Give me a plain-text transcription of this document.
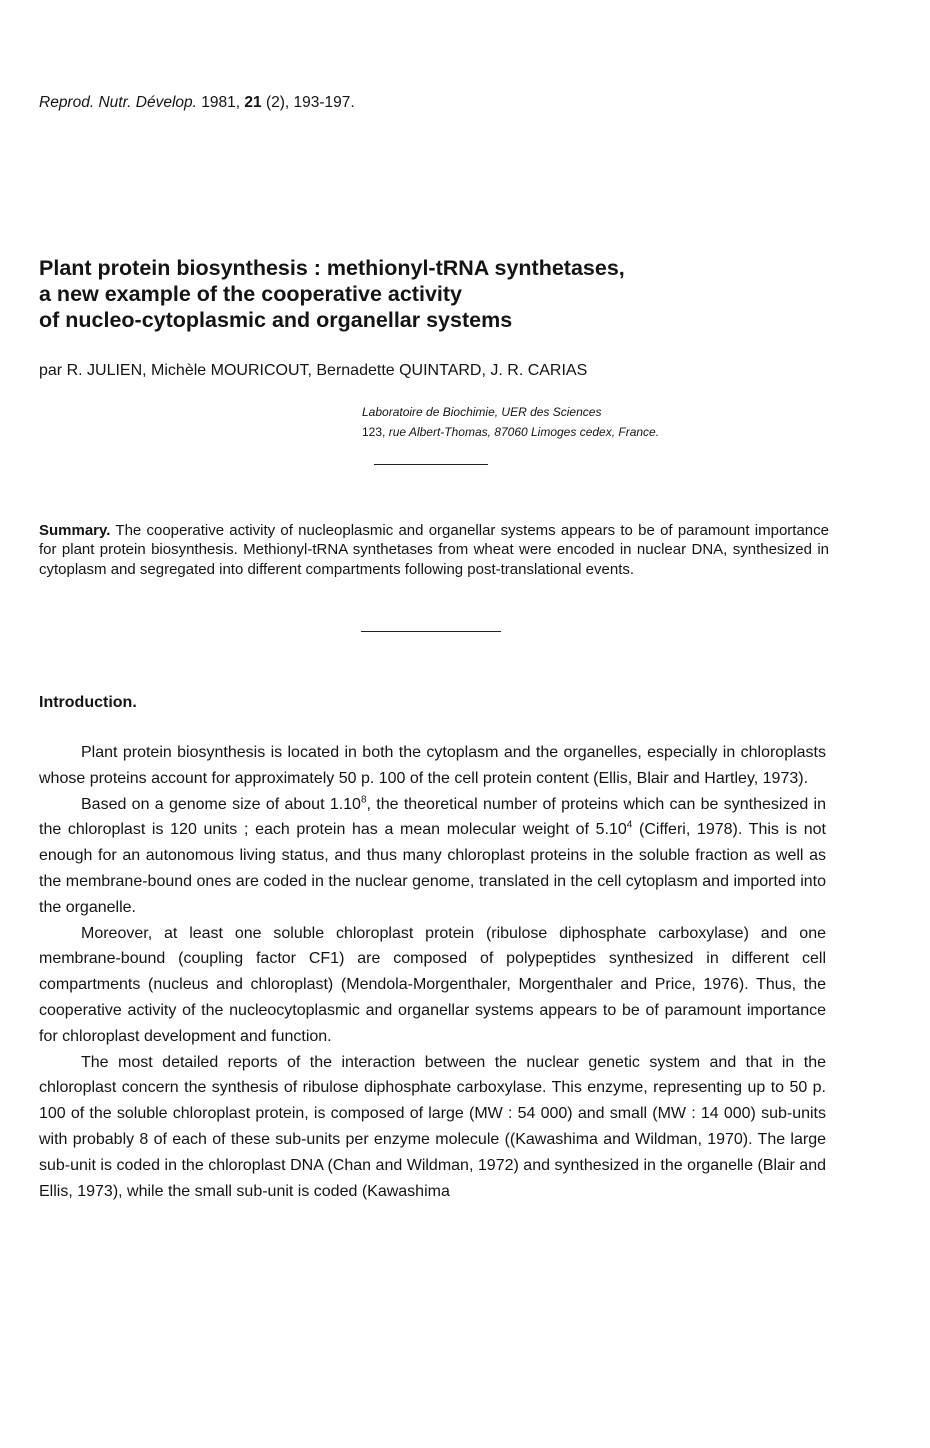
Reprod. Nutr. Dévelop. 1981, 21 (2), 193-197.
Plant protein biosynthesis : methionyl-tRNA synthetases,
a new example of the cooperative activity
of nucleo-cytoplasmic and organellar systems
par R. JULIEN, Michèle MOURICOUT, Bernadette QUINTARD, J. R. CARIAS
Laboratoire de Biochimie, UER des Sciences
123, rue Albert-Thomas, 87060 Limoges cedex, France.
Summary. The cooperative activity of nucleoplasmic and organellar systems appears to be of paramount importance for plant protein biosynthesis. Methionyl-tRNA synthetases from wheat were encoded in nuclear DNA, synthesized in cytoplasm and segregated into different compartments following post-translational events.
Introduction.

Plant protein biosynthesis is located in both the cytoplasm and the organelles, especially in chloroplasts whose proteins account for approximately 50 p. 100 of the cell protein content (Ellis, Blair and Hartley, 1973).

Based on a genome size of about 1.10$^8$, the theoretical number of proteins which can be synthesized in the chloroplast is 120 units ; each protein has a mean molecular weight of 5.10$^4$ (Cifferi, 1978). This is not enough for an autonomous living status, and thus many chloroplast proteins in the soluble fraction as well as the membrane-bound ones are coded in the nuclear genome, translated in the cell cytoplasm and imported into the organelle.

Moreover, at least one soluble chloroplast protein (ribulose diphosphate carboxylase) and one membrane-bound (coupling factor CF1) are composed of polypeptides synthesized in different cell compartments (nucleus and chloroplast) (Mendola-Morgenthaler, Morgenthaler and Price, 1976). Thus, the cooperative activity of the nucleocytoplasmic and organellar systems appears to be of paramount importance for chloroplast development and function.

The most detailed reports of the interaction between the nuclear genetic system and that in the chloroplast concern the synthesis of ribulose diphosphate carboxylase. This enzyme, representing up to 50 p. 100 of the soluble chloroplast protein, is composed of large (MW : 54 000) and small (MW : 14 000) sub-units with probably 8 of each of these sub-units per enzyme molecule ((Kawashima and Wildman, 1970). The large sub-unit is coded in the chloroplast DNA (Chan and Wildman, 1972) and synthesized in the organelle (Blair and Ellis, 1973), while the small sub-unit is coded (Kawashima
